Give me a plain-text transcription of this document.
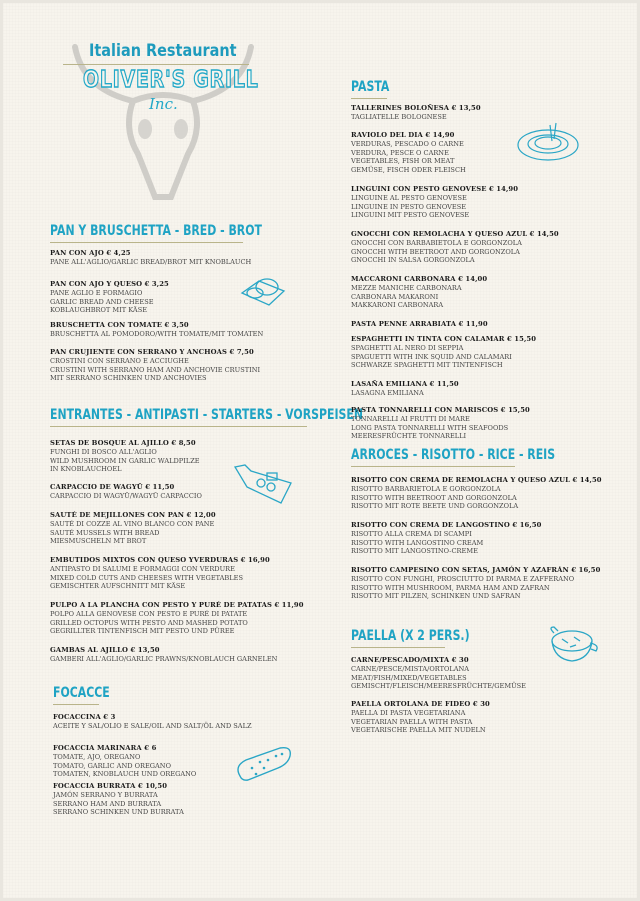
Italian Restaurant
OLIVER'S GRILL
Inc.
PAN Y BRUSCHETTA - BRED - BROT
PAN CON AJO € 4,25
PANE ALL'AGLIO/GARLIC BREAD/BROT MIT KNOBLAUCH
PAN CON AJO Y QUESO € 3,25
PANE AGLIO E FORMAGIO
GARLIC BREAD AND CHEESE
KOBLAUGHBROT MIT KÄSE
BRUSCHETTA CON TOMATE € 3,50
BRUSCHETTA AL POMODORO/WITH TOMATE/MIT TOMATEN
PAN CRUJIENTE CON SERRANO Y ANCHOAS € 7,50
CROSTINI CON SERRANO E ACCIUGHE
CRUSTINI WITH SERRANO HAM AND ANCHOVIE CRUSTINI
MIT SERRANO SCHINKEN UND ANCHOVIES
ENTRANTES - ANTIPASTI - STARTERS - VORSPEISEN
SETAS DE BOSQUE AL AJILLO € 8,50
FUNGHI DI BOSCO ALL'AGLIO
WILD MUSHROOM IN GARLIC WALDPILZE
IN KNOBLAUCHOEL
CARPACCIO DE WAGYŪ € 11,50
CARPACCIO DI WAGYŪ/WAGYŪ CARPACCIO
SAUTÉ DE MEJILLONES CON PAN € 12,00
SAUTÉ DI COZZE AL VINO BLANCO CON PANE
SAUTÉ MUSSELS WITH BREAD
MIESMUSCHELN MT BROT
EMBUTIDOS MIXTOS CON QUESO YVERDURAS € 16,90
ANTIPASTO DI SALUMI E FORMAGGI CON VERDURE
MIXED COLD CUTS AND CHEESES WITH VEGETABLES
GEMISCHTER AUFSCHNITT MIT KÄSE
PULPO A LA PLANCHA CON PESTO Y PURÉ DE PATATAS € 11,90
POLPO ALLA GENOVESE CON PESTO E PURÉ DI PATATE
GRILLED OCTOPUS WITH PESTO AND MASHED POTATO
GEGRILLTER TINTENFISCH MIT PESTO UND PÜREE
GAMBAS AL AJILLO € 13,50
GAMBERI ALL'AGLIO/GARLIC PRAWNS/KNOBLAUCH GARNELEN
FOCACCE
FOCACCINA € 3
ACEITE Y SAL/OLIO E SALE/OIL AND SALT/ÖL AND SALZ
FOCACCIA MARINARA € 6
TOMATE, AJO, OREGANO
TOMATO, GARLIC AND OREGANO
TOMATEN, KNOBLAUCH UND OREGANO
FOCACCIA BURRATA € 10,50
JAMÓN SERRANO Y BURRATA
SERRANO HAM AND BURRATA
SERRANO SCHINKEN UND BURRATA
PASTA
TALLERINES BOLOÑESA € 13,50
TAGLIATELLE BOLOGNESE
RAVIOLO DEL DIA € 14,90
VERDURAS, PESCADO O CARNE
VERDURA, PESCE O CARNE
VEGETABLES, FISH OR MEAT
GEMÜSE, FISCH ODER FLEISCH
LINGUINI CON PESTO GENOVESE € 14,90
LINGUINE AL PESTO GENOVESE
LINGUINE IN PESTO GENOVESE
LINGUINI MIT PESTO GENOVESE
GNOCCHI CON REMOLACHA Y QUESO AZUL € 14,50
GNOCCHI CON BARBABIETOLA E GORGONZOLA
GNOCCHI WITH BEETROOT AND GORGONZOLA
GNOCCHI IN SALSA GORGONZOLA
MACCARONI CARBONARA € 14,00
MEZZE MANICHE CARBONARA
CARBONARA MAKARONI
MAKKARONI CARBONARA
PASTA PENNE ARRABIATA € 11,90
ESPAGHETTI IN TINTA CON CALAMAR € 15,50
SPAGHETTI AL NERO DI SEPPIA
SPAGUETTI WITH INK SQUID AND CALAMARI
SCHWARZE SPAGHETTI MIT TINTENFISCH
LASAÑA EMILIANA € 11,50
LASAGNA EMILIANA
PASTA TONNARELLI CON MARISCOS € 15,50
TONNARELLI AI FRUTTI DI MARE
LONG PASTA TONNARELLI WITH SEAFOODS
MEERESFRÜCHTE TONNARELLI
ARROCES - RISOTTO - RICE - REIS
RISOTTO CON CREMA DE REMOLACHA Y QUESO AZUL € 14,50
RISOTTO BARBARIETOLA E GORGONZOLA
RISOTTO WITH BEETROOT AND GORGONZOLA
RISOTTO MIT ROTE BEETE UND GORGONZOLA
RISOTTO CON CREMA DE LANGOSTINO € 16,50
RISOTTO ALLA CREMA DI SCAMPI
RISOTTO WITH LANGOSTINO CREAM
RISOTTO MIT LANGOSTINO-CREME
RISOTTO CAMPESINO CON SETAS, JAMÓN Y AZAFRÁN € 16,50
RISOTTO CON FUNGHI, PROSCIUTTO DI PARMA E ZAFFERANO
RISOTTO WITH MUSHROOM, PARMA HAM AND ZAFRAN
RISOTTO MIT PILZEN, SCHINKEN UND SAFRAN
PAELLA (X 2 PERS.)
CARNE/PESCADO/MIXTA € 30
CARNE/PESCE/MISTA/ORTOLANA
MEAT/FISH/MIXED/VEGETABLES
GEMISCHT/FLEISCH/MEERESFRÜCHTE/GEMÜSE
PAELLA ORTOLANA DE FIDEO € 30
PAELLA DI PASTA VEGETARIANA
VEGETARIAN PAELLA WITH PASTA
VEGETARISCHE PAELLA MIT NUDELN
